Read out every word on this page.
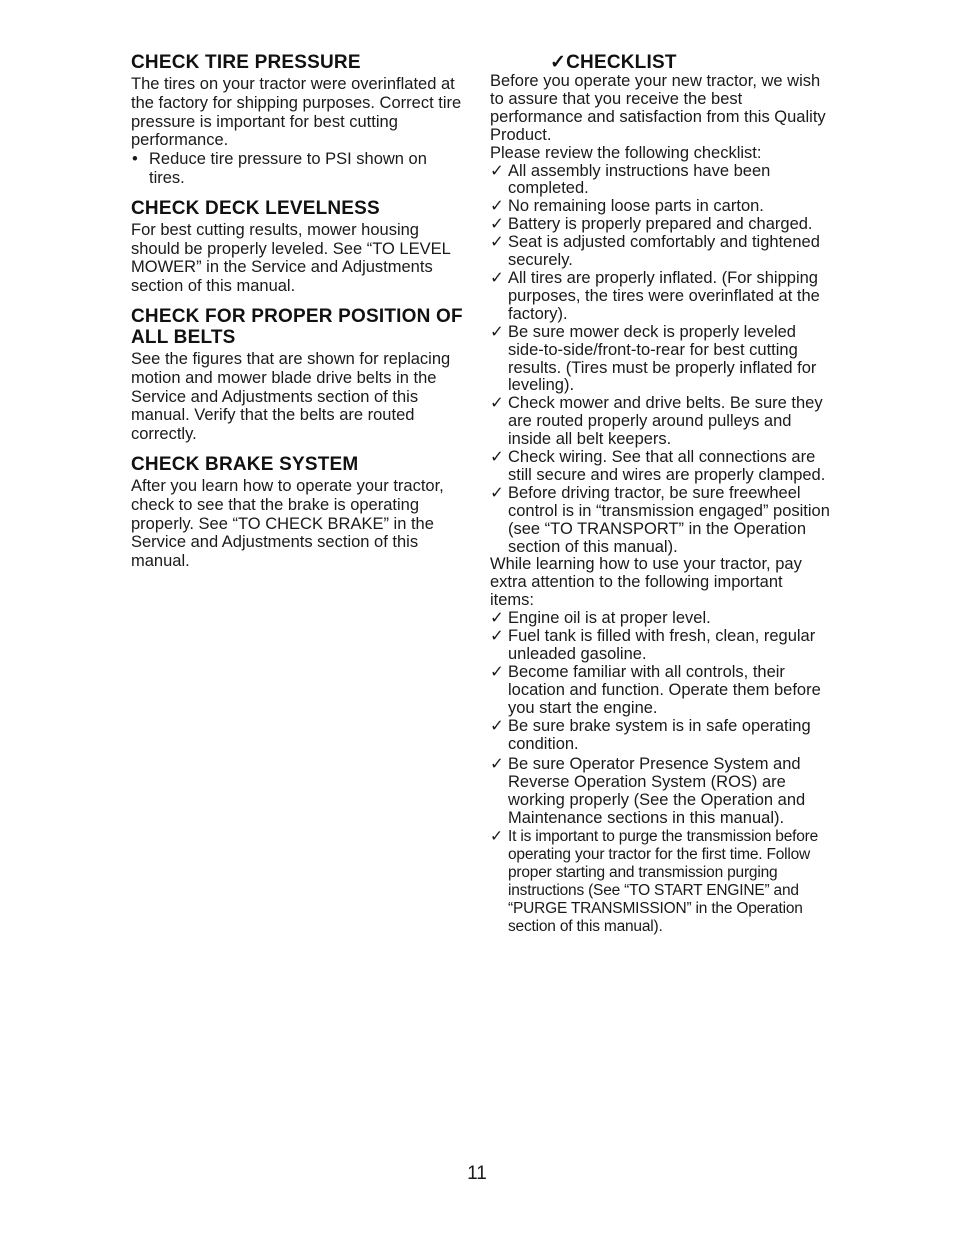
CHECK TIRE PRESSURE

The tires on your tractor were overinflated at the factory for shipping purposes. Correct tire pressure is important for best cutting performance.

• Reduce tire pressure to PSI shown on tires.
CHECK DECK LEVELNESS

For best cutting results, mower housing should be properly leveled. See “TO LEVEL MOWER” in the Service and Adjustments section of this manual.

CHECK FOR PROPER POSITION OF ALL BELTS

See the figures that are shown for replacing motion and mower blade drive belts in the Service and Adjustments section of this manual. Verify that the belts are routed correctly.

CHECK BRAKE SYSTEM

After you learn how to operate your tractor, check to see that the brake is operating properly. See “TO CHECK BRAKE” in the Service and Adjustments section of this manual.

✓CHECKLIST

Before you operate your new tractor, we wish to assure that you receive the best performance and satisfaction from this Quality Product.

Please review the following checklist:

✓ All assembly instructions have been completed.
✓ No remaining loose parts in carton.
✓ Battery is properly prepared and charged.
✓ Seat is adjusted comfortably and tightened securely.
✓ All tires are properly inflated. (For shipping purposes, the tires were overinflated at the factory).
✓ Be sure mower deck is properly leveled side-to-side/front-to-rear for best cutting results. (Tires must be properly inflated for leveling).
✓ Check mower and drive belts. Be sure they are routed properly around pulleys and inside all belt keepers.
✓ Check wiring. See that all connections are still secure and wires are properly clamped.
✓ Before driving tractor, be sure freewheel control is in “transmission engaged” position (see “TO TRANSPORT” in the Operation section of this manual).

While learning how to use your tractor, pay extra attention to the following important items:

✓ Engine oil is at proper level.
✓ Fuel tank is filled with fresh, clean, regular unleaded gasoline.
✓ Become familiar with all controls, their location and function. Operate them before you start the engine.
✓ Be sure brake system is in safe operating condition.
✓ Be sure Operator Presence System and Reverse Operation System (ROS) are working properly (See the Operation and Maintenance sections in this manual).
✓ It is important to purge the transmission before operating your tractor for the first time. Follow proper starting and transmission purging instructions (See “TO START ENGINE” and “PURGE TRANSMISSION” in the Operation section of this manual).
11
